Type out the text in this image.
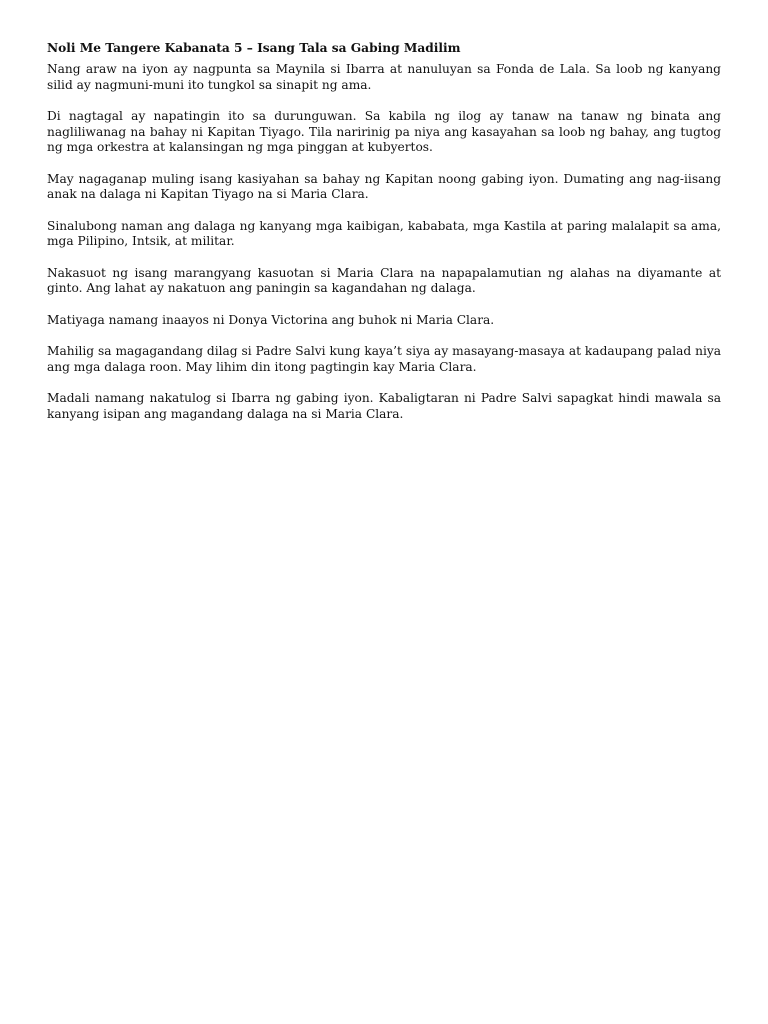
Noli Me Tangere Kabanata 5 – Isang Tala sa Gabing Madilim

Nang araw na iyon ay nagpunta sa Maynila si Ibarra at nanuluyan sa Fonda de Lala. Sa loob ng kanyang silid ay nagmuni-muni ito tungkol sa sinapit ng ama.

Di nagtagal ay napatingin ito sa durunguwan. Sa kabila ng ilog ay tanaw na tanaw ng binata ang nagliliwanag na bahay ni Kapitan Tiyago. Tila naririnig pa niya ang kasayahan sa loob ng bahay, ang tugtog ng mga orkestra at kalansingan ng mga pinggan at kubyertos.

May nagaganap muling isang kasiyahan sa bahay ng Kapitan noong gabing iyon. Dumating ang nag-iisang anak na dalaga ni Kapitan Tiyago na si Maria Clara.

Sinalubong naman ang dalaga ng kanyang mga kaibigan, kababata, mga Kastila at paring malalapit sa ama, mga Pilipino, Intsik, at militar.

Nakasuot ng isang marangyang kasuotan si Maria Clara na napapalamutian ng alahas na diyamante at ginto. Ang lahat ay nakatuon ang paningin sa kagandahan ng dalaga.

Matiyaga namang inaayos ni Donya Victorina ang buhok ni Maria Clara.

Mahilig sa magagandang dilag si Padre Salvi kung kaya’t siya ay masayang-masaya at kadaupang palad niya ang mga dalaga roon. May lihim din itong pagtingin kay Maria Clara.

Madali namang nakatulog si Ibarra ng gabing iyon. Kabaligtaran ni Padre Salvi sapagkat hindi mawala sa kanyang isipan ang magandang dalaga na si Maria Clara.
